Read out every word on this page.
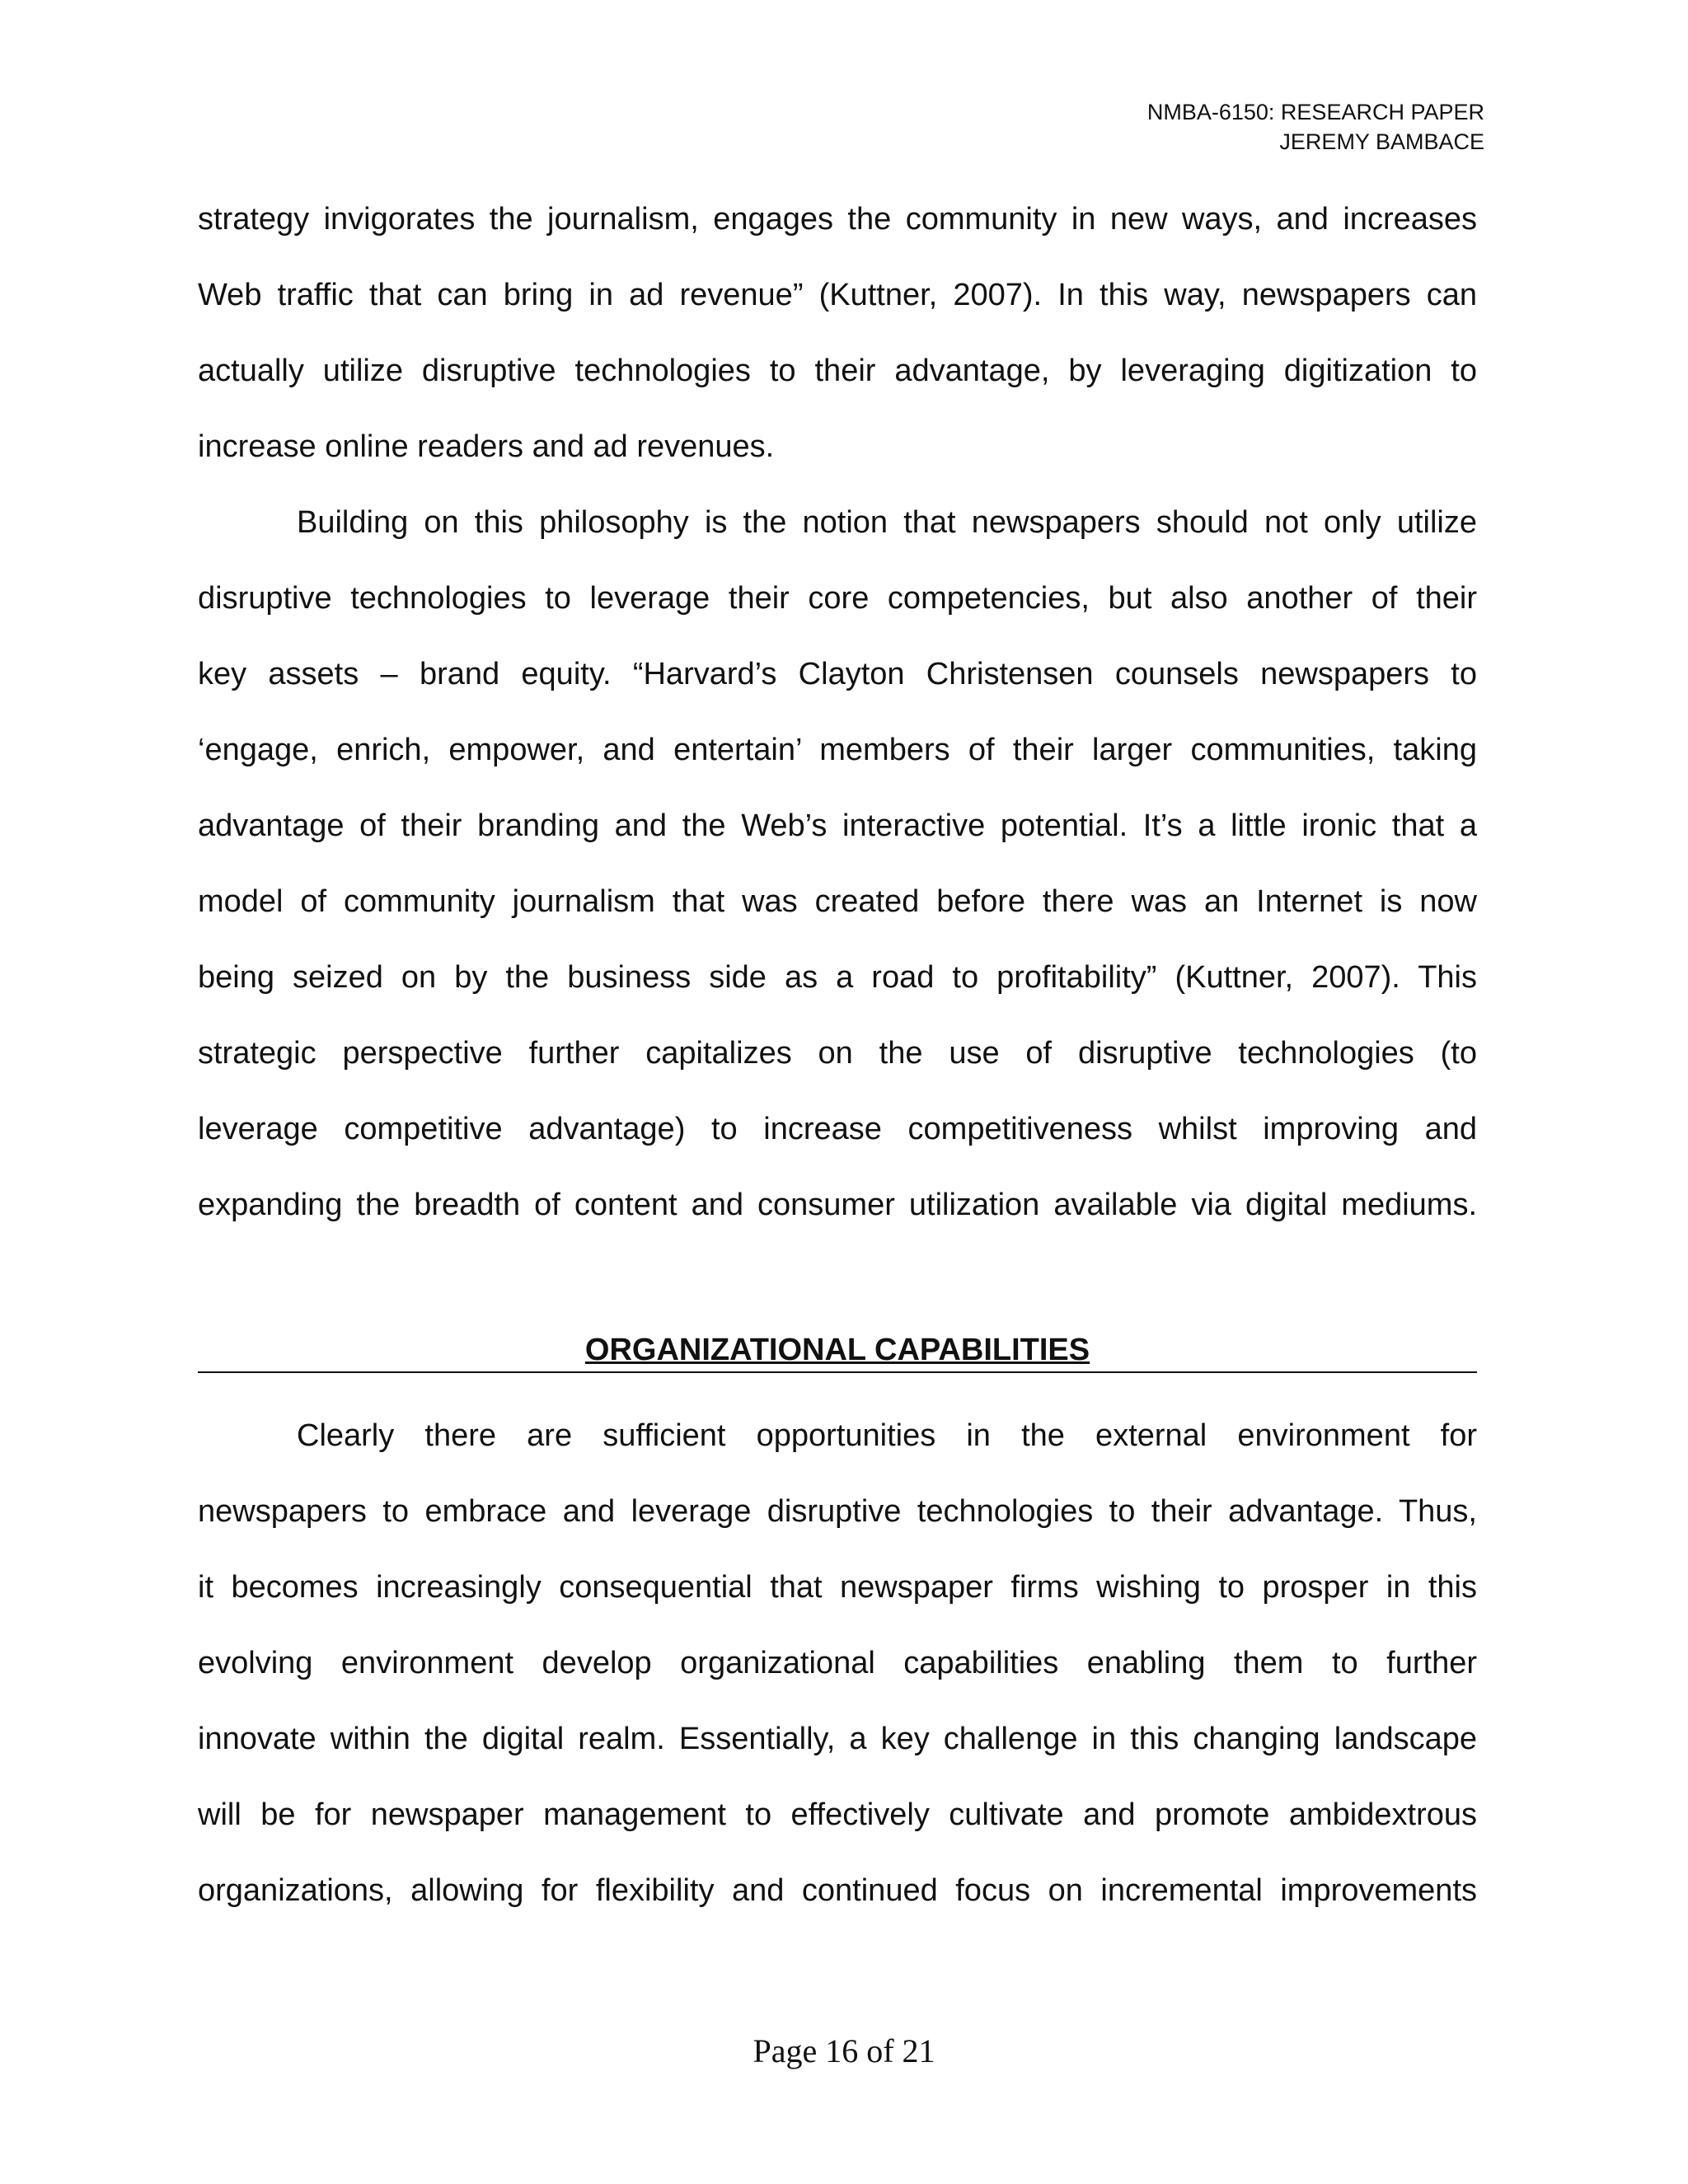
NMBA-6150: RESEARCH PAPER
JEREMY BAMBACE
strategy invigorates the journalism, engages the community in new ways, and increases
Web traffic that can bring in ad revenue” (Kuttner, 2007). In this way, newspapers can
actually utilize disruptive technologies to their advantage, by leveraging digitization to
increase online readers and ad revenues.
Building on this philosophy is the notion that newspapers should not only utilize
disruptive technologies to leverage their core competencies, but also another of their
key assets – brand equity. “Harvard’s Clayton Christensen counsels newspapers to
‘engage, enrich, empower, and entertain’ members of their larger communities, taking
advantage of their branding and the Web’s interactive potential. It’s a little ironic that a
model of community journalism that was created before there was an Internet is now
being seized on by the business side as a road to profitability” (Kuttner, 2007). This
strategic perspective further capitalizes on the use of disruptive technologies (to
leverage competitive advantage) to increase competitiveness whilst improving and
expanding the breadth of content and consumer utilization available via digital mediums.
ORGANIZATIONAL CAPABILITIES
Clearly there are sufficient opportunities in the external environment for
newspapers to embrace and leverage disruptive technologies to their advantage. Thus,
it becomes increasingly consequential that newspaper firms wishing to prosper in this
evolving environment develop organizational capabilities enabling them to further
innovate within the digital realm. Essentially, a key challenge in this changing landscape
will be for newspaper management to effectively cultivate and promote ambidextrous
organizations, allowing for flexibility and continued focus on incremental improvements
Page 16 of 21
